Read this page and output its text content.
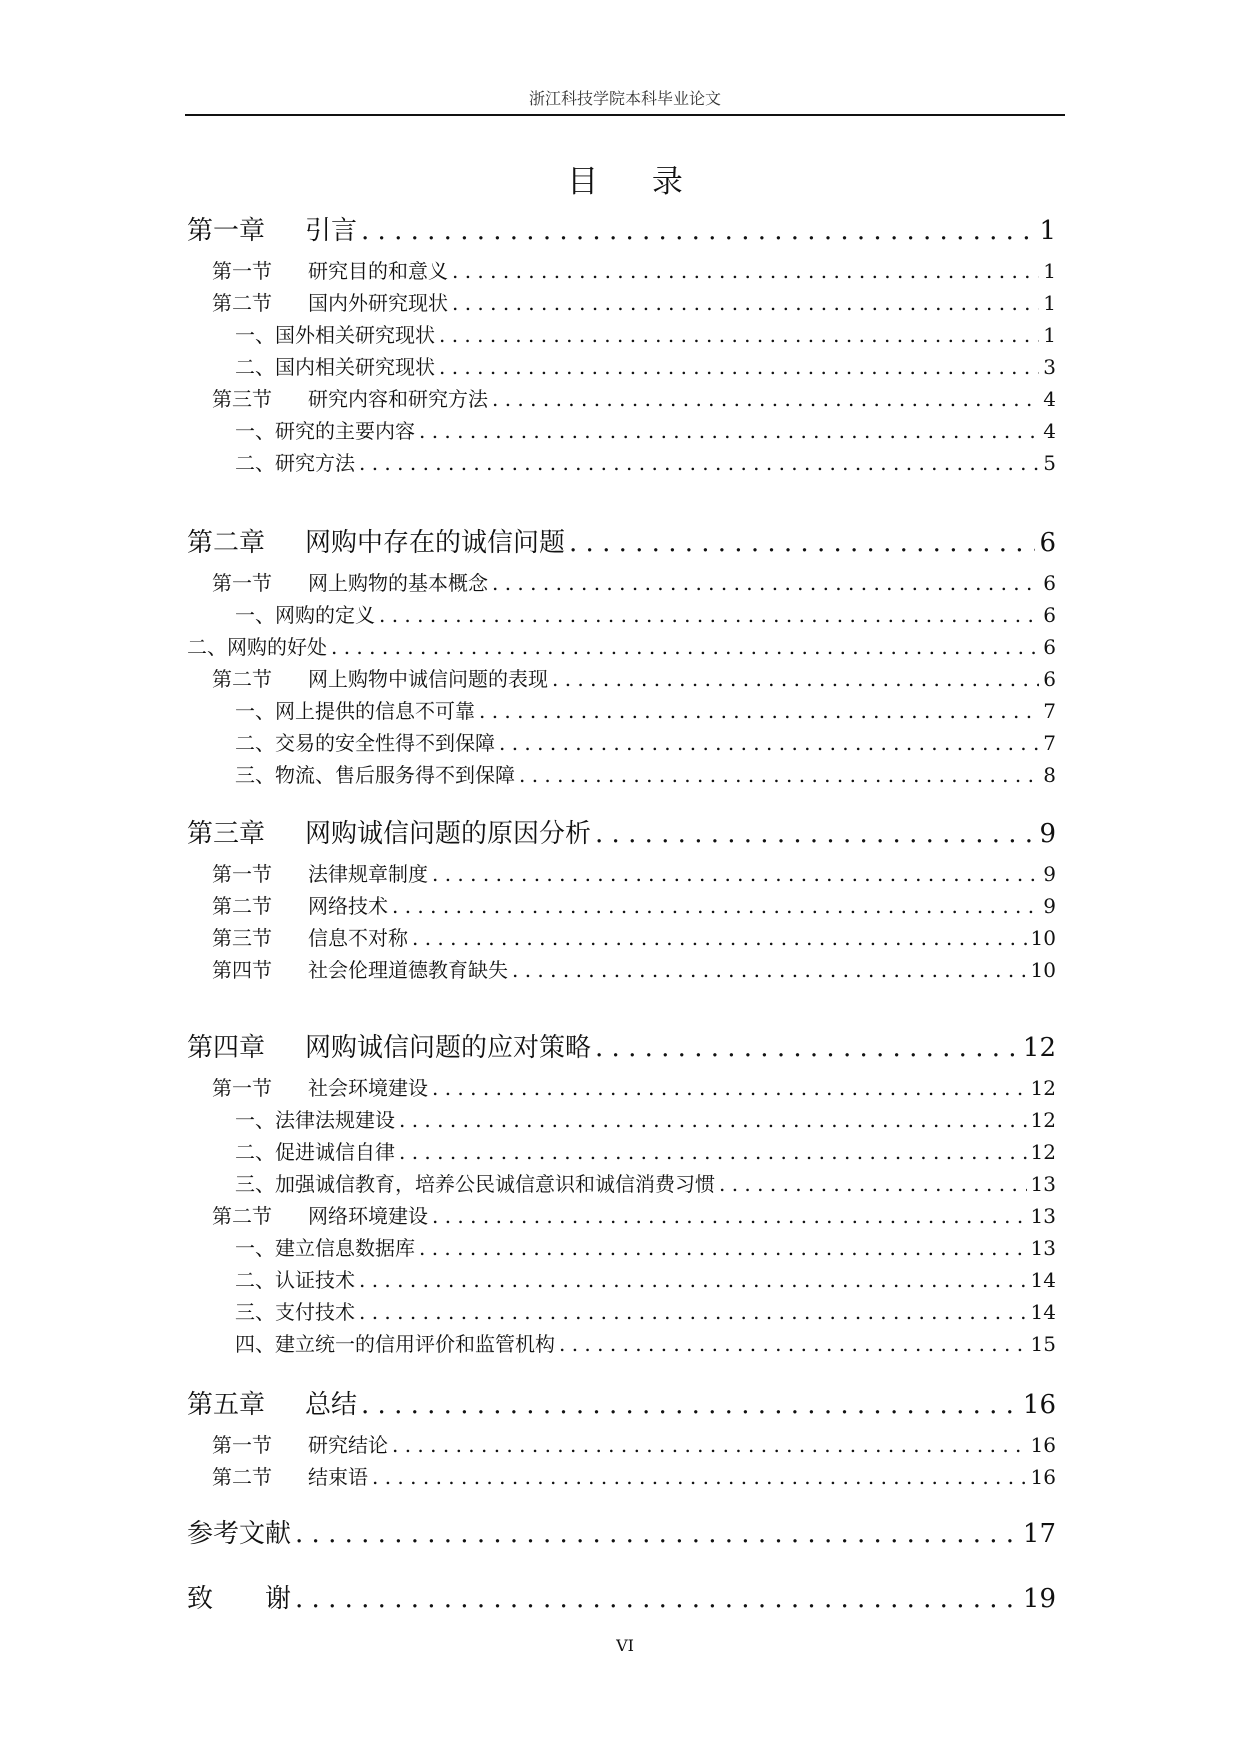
浙江科技学院本科毕业论文
目 录
第一章	引言 . . .	1
第一节	研究目的和意义 . . .	1
第二节	国内外研究现状 . . .	1
一、国外相关研究现状 . . .	1
二、国内相关研究现状 . . .	3
第三节	研究内容和研究方法 . . .	4
一、研究的主要内容 . . .	4
二、研究方法 . . .	5
第二章	网购中存在的诚信问题 . . .	6
第一节	网上购物的基本概念 . . .	6
一、网购的定义 . . .	6
二、网购的好处 . . .	6
第二节	网上购物中诚信问题的表现 . . .	6
一、网上提供的信息不可靠 . . .	7
二、交易的安全性得不到保障 . . .	7
三、物流、售后服务得不到保障 . . .	8
第三章	网购诚信问题的原因分析 . . .	9
第一节	法律规章制度 . . .	9
第二节	网络技术 . . .	9
第三节	信息不对称 . . .	10
第四节	社会伦理道德教育缺失 . . .	10
第四章	网购诚信问题的应对策略 . . .	12
第一节	社会环境建设 . . .	12
一、法律法规建设 . . .	12
二、促进诚信自律 . . .	12
三、加强诚信教育，培养公民诚信意识和诚信消费习惯 . . .	13
第二节	网络环境建设 . . .	13
一、建立信息数据库 . . .	13
二、认证技术 . . .	14
三、支付技术 . . .	14
四、建立统一的信用评价和监管机构 . . .	15
第五章	总结 . . .	16
第一节	研究结论 . . .	16
第二节	结束语 . . .	16
参考文献 . . .	17
致　　谢 . . .	19
VI
